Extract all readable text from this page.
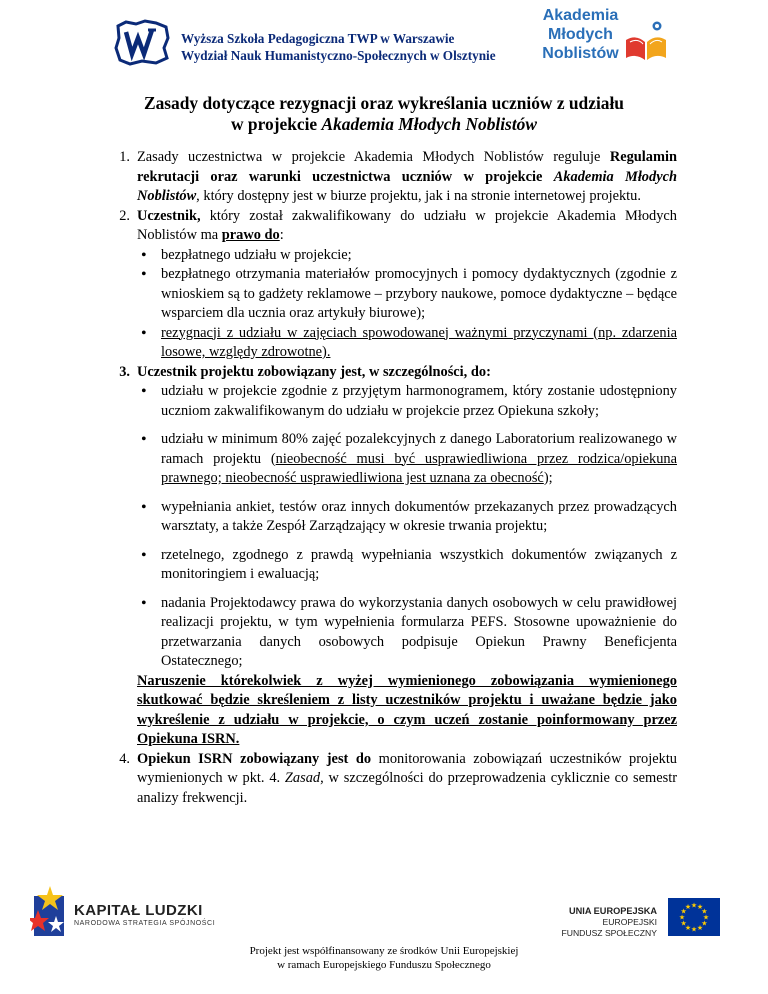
Wyższa Szkoła Pedagogiczna TWP w Warszawie
Wydział Nauk Humanistyczno-Społecznych w Olsztynie
Akademia
Młodych
Noblistów
Zasady dotyczące rezygnacji oraz wykreślania uczniów z udziału
w projekcie Akademia Młodych Noblistów
1. Zasady uczestnictwa w projekcie Akademia Młodych Noblistów reguluje Regulamin rekrutacji oraz warunki uczestnictwa uczniów w projekcie Akademia Młodych Noblistów, który dostępny jest w biurze projektu, jak i na stronie internetowej projektu.
2. Uczestnik, który został zakwalifikowany do udziału w projekcie Akademia Młodych Noblistów ma prawo do:
• bezpłatnego udziału w projekcie;
• bezpłatnego otrzymania materiałów promocyjnych i pomocy dydaktycznych (zgodnie z wnioskiem są to gadżety reklamowe – przybory naukowe, pomoce dydaktyczne – będące wsparciem dla ucznia oraz artykuły biurowe);
• rezygnacji z udziału w zajęciach spowodowanej ważnymi przyczynami (np. zdarzenia losowe, względy zdrowotne).
3. Uczestnik projektu zobowiązany jest, w szczególności, do:
• udziału w projekcie zgodnie z przyjętym harmonogramem, który zostanie udostępniony uczniom zakwalifikowanym do udziału w projekcie przez Opiekuna szkoły;
• udziału w minimum 80% zajęć pozalekcyjnych z danego Laboratorium realizowanego w ramach projektu (nieobecność musi być usprawiedliwiona przez rodzica/opiekuna prawnego; nieobecność usprawiedliwiona jest uznana za obecność);
• wypełniania ankiet, testów oraz innych dokumentów przekazanych przez prowadzących warsztaty, a także Zespół Zarządzający w okresie trwania projektu;
• rzetelnego, zgodnego z prawdą wypełniania wszystkich dokumentów związanych z monitoringiem i ewaluacją;
• nadania Projektodawcy prawa do wykorzystania danych osobowych w celu prawidłowej realizacji projektu, w tym wypełnienia formularza PEFS. Stosowne upoważnienie do przetwarzania danych osobowych podpisuje Opiekun Prawny Beneficjenta Ostatecznego;
Naruszenie którekolwiek z wyżej wymienionego zobowiązania wymienionego skutkować będzie skreśleniem z listy uczestników projektu i uważane będzie jako wykreślenie z udziału w projekcie, o czym uczeń zostanie poinformowany przez Opiekuna ISRN.
4. Opiekun ISRN zobowiązany jest do monitorowania zobowiązań uczestników projektu wymienionych w pkt. 4. Zasad, w szczególności do przeprowadzenia cyklicznie co semestr analizy frekwencji.
KAPITAŁ LUDZKI
NARODOWA STRATEGIA SPÓJNOŚCI
UNIA EUROPEJSKA
EUROPEJSKI
FUNDUSZ SPOŁECZNY
★
★
★
★
★
★
★
★
★ ★ ★
★
Projekt jest współfinansowany ze środków Unii Europejskiej
w ramach Europejskiego Funduszu Społecznego
